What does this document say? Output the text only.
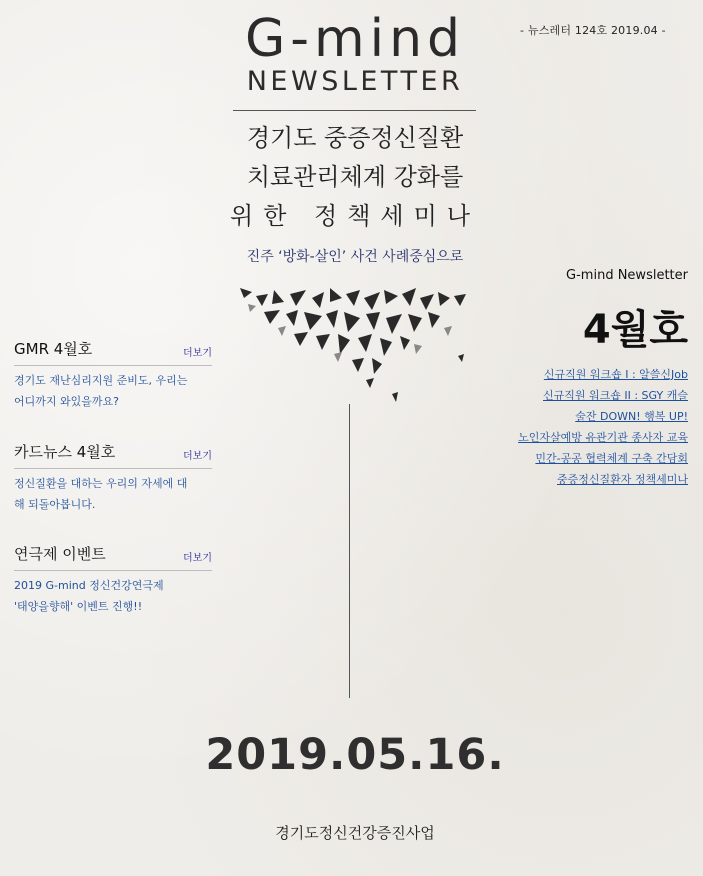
- 뉴스레터 124호 2019.04 -
G-mind
NEWSLETTER
경기도 중증정신질환
치료관리체계 강화를
위한 정책세미나
진주 ‘방화-살인’ 사건 사례중심으로
2019.05.16.
경기도정신건강증진사업
GMR 4월호	더보기
경기도 재난심리지원 준비도, 우리는
어디까지 와있을까요?
카드뉴스 4월호	더보기
정신질환을 대하는 우리의 자세에 대
해 되돌아봅니다.
연극제 이벤트	더보기
2019 G-mind 정신건강연극제
'태양을향해' 이벤트 진행!!
G-mind Newsletter
4월호
신규직원 워크숍 I : 알쓸신Job
신규직원 워크숍 II : SGY 캐슬
술잔 DOWN! 행복 UP!
노인자살예방 유관기관 종사자 교육
민간-공공 협력체계 구축 간담회
중증정신질환자 정책세미나
